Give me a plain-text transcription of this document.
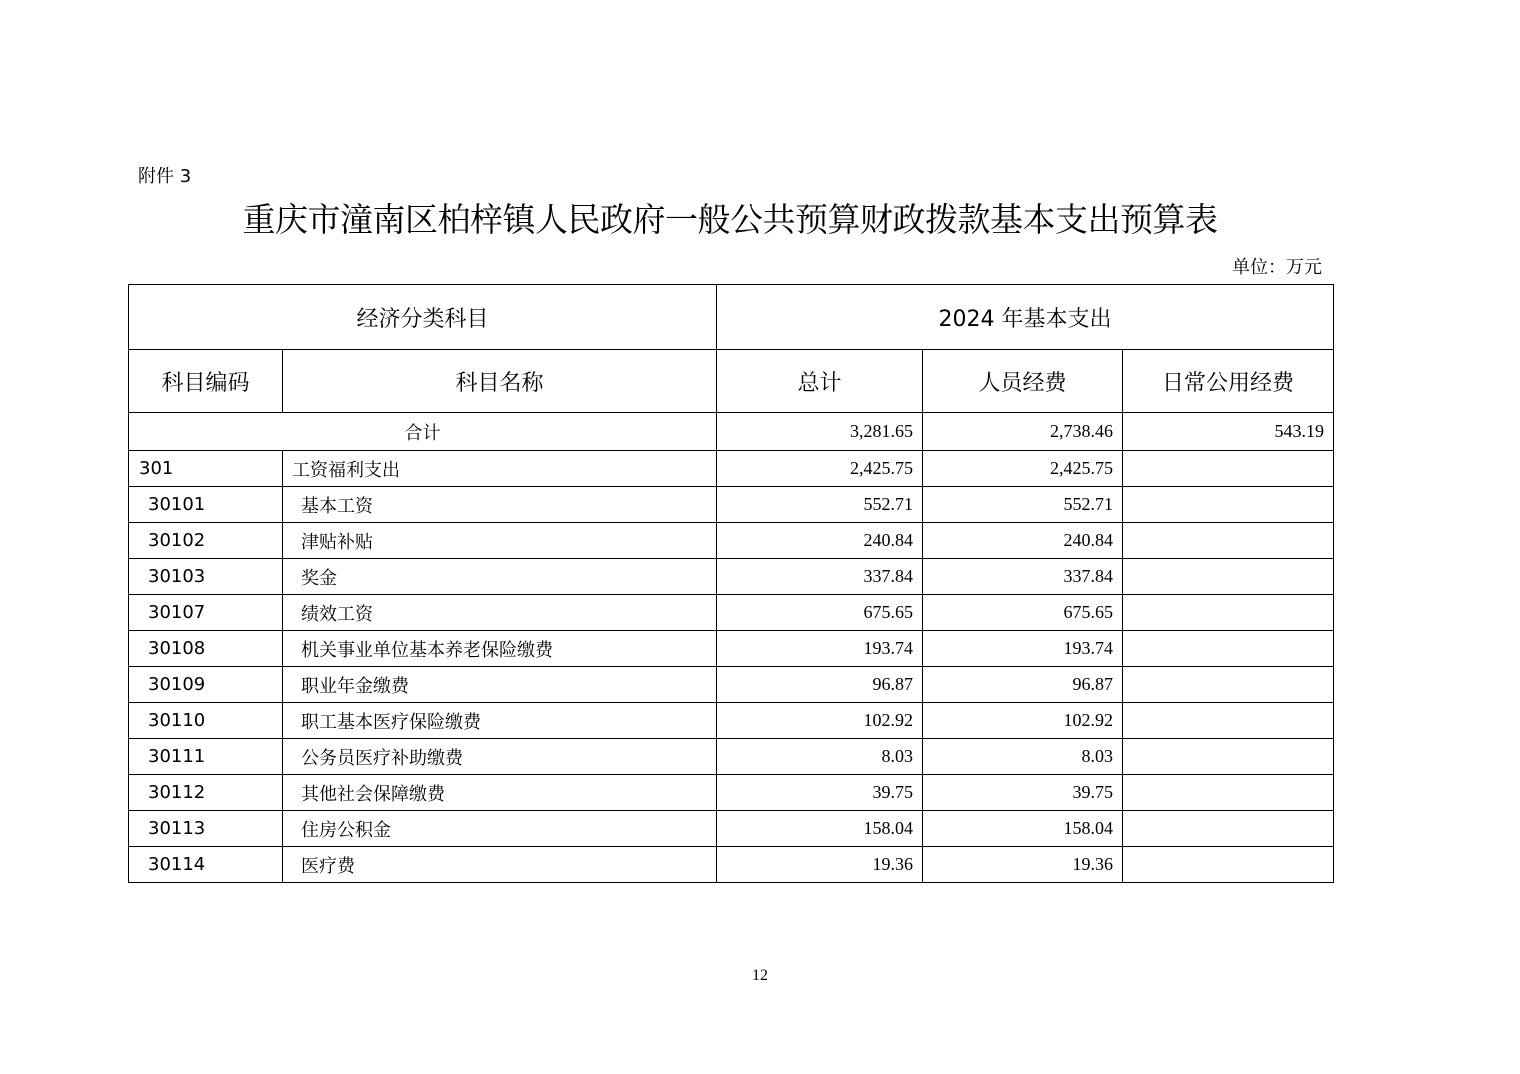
附件 3
重庆市潼南区柏梓镇人民政府一般公共预算财政拨款基本支出预算表
单位：万元
经济分类科目		2024 年基本支出		
科目编码	科目名称	总计	人员经费	日常公用经费
合计		3,281.65	2,738.46	543.19
301	工资福利支出	2,425.75	2,425.75	
30101	基本工资	552.71	552.71	
30102	津贴补贴	240.84	240.84	
30103	奖金	337.84	337.84	
30107	绩效工资	675.65	675.65	
30108	机关事业单位基本养老保险缴费	193.74	193.74	
30109	职业年金缴费	96.87	96.87	
30110	职工基本医疗保险缴费	102.92	102.92	
30111	公务员医疗补助缴费	8.03	8.03	
30112	其他社会保障缴费	39.75	39.75	
30113	住房公积金	158.04	158.04	
30114	医疗费	19.36	19.36	
12
